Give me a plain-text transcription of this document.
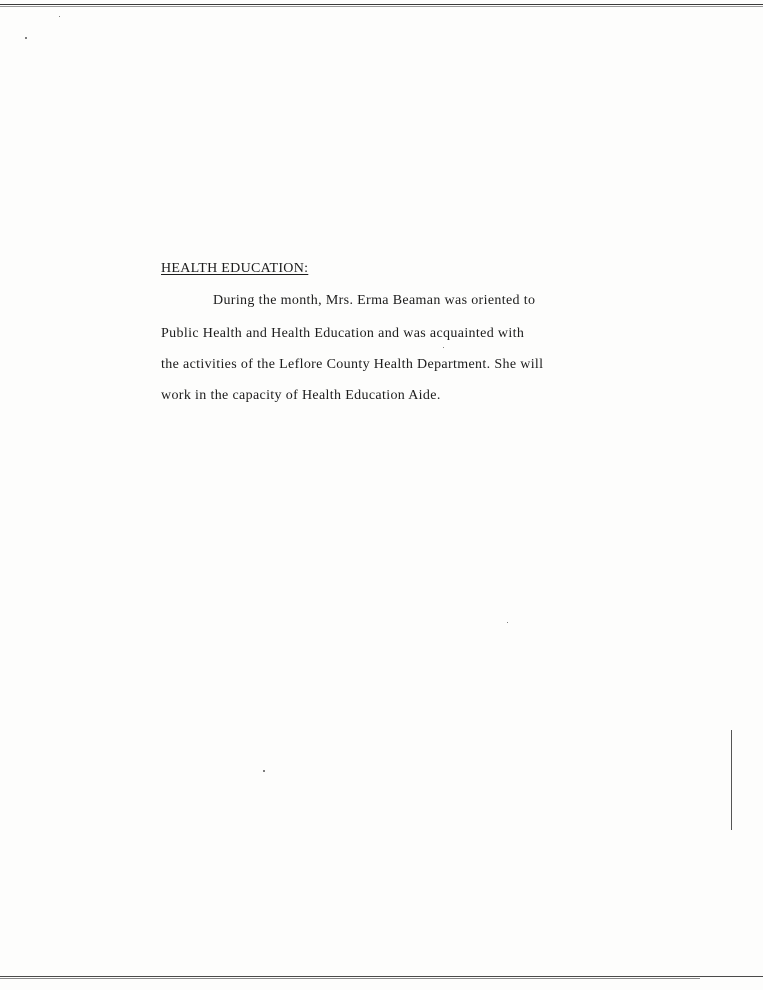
HEALTH EDUCATION:

During the month, Mrs. Erma Beaman was oriented to

Public Health and Health Education and was acquainted with

the activities of the Leflore County Health Department. She will

work in the capacity of Health Education Aide.
